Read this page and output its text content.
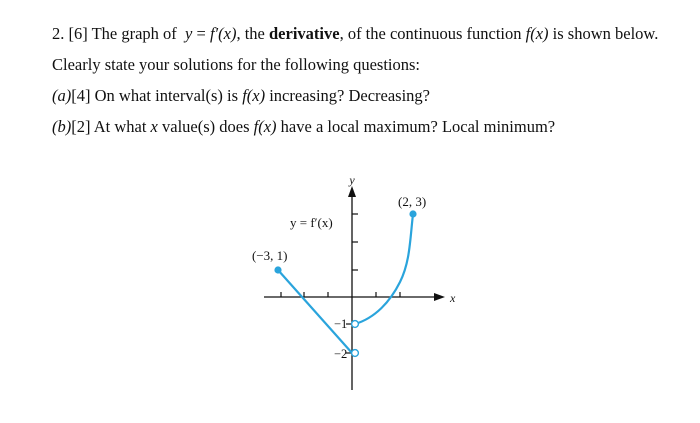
2. [6] The graph of y = f′(x), the derivative, of the continuous function f(x) is shown below.
Clearly state your solutions for the following questions:
(a)[4] On what interval(s) is f(x) increasing? Decreasing?
(b)[2] At what x value(s) does f(x) have a local maximum? Local minimum?
y
x
y = f′(x)
(−3, 1)
(2, 3)
−1
−2
